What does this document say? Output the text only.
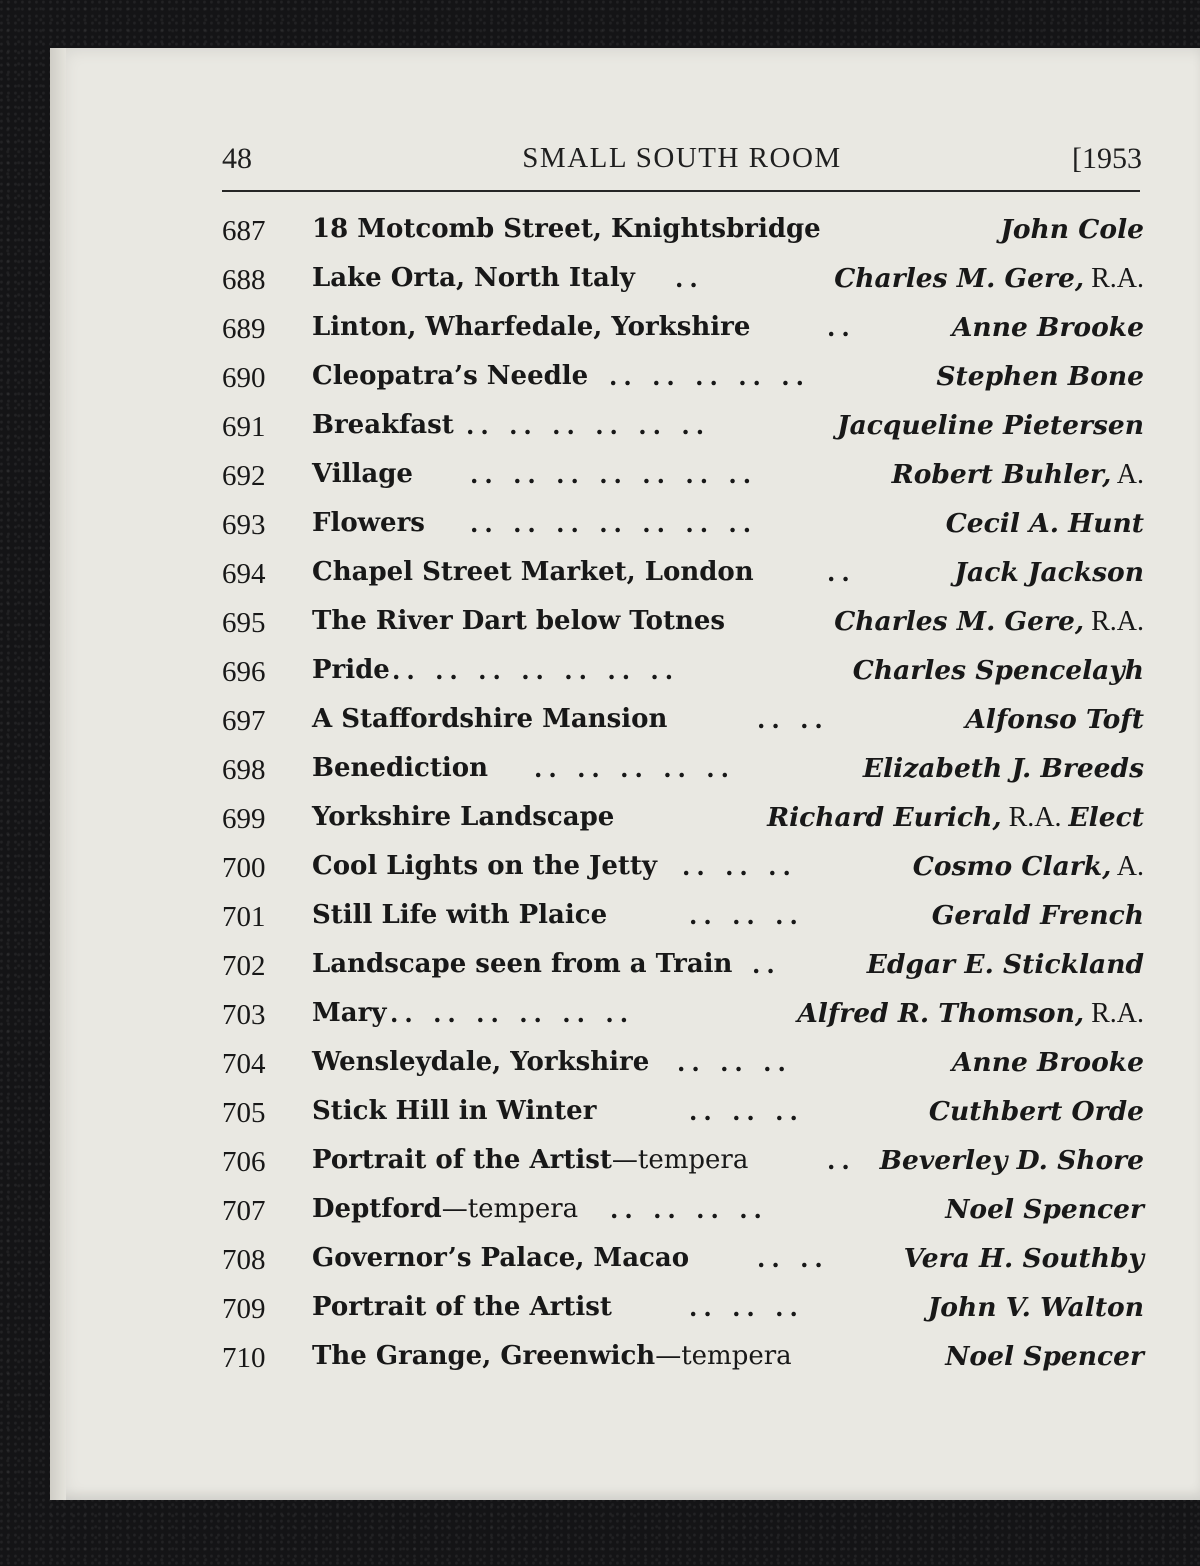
48	SMALL SOUTH ROOM	[1953
687 18 Motcomb Street, Knightsbridge	John Cole
688 Lake Orta, North Italy ..	Charles M. Gere, R.A.
689 Linton, Wharfedale, Yorkshire	..	Anne Brooke
690 Cleopatra’s Needle .. .. .. .. ..	Stephen Bone
691 Breakfast .. .. .. .. .. ..	Jacqueline Pietersen
692 Village .. .. .. .. .. .. ..	Robert Buhler, A.
693 Flowers .. .. .. .. .. .. ..	Cecil A. Hunt
694 Chapel Street Market, London	..	Jack Jackson
695 The River Dart below Totnes	Charles M. Gere, R.A.
696 Pride .. .. .. .. .. .. ..	Charles Spencelayh
697 A Staffordshire Mansion	.. ..	Alfonso Toft
698 Benediction .. .. .. .. ..	Elizabeth J. Breeds
699 Yorkshire Landscape	Richard Eurich, R.A. Elect
700 Cool Lights on the Jetty .. .. ..	Cosmo Clark, A.
701 Still Life with Plaice	.. .. ..	Gerald French
702 Landscape seen from a Train ..	Edgar E. Stickland
703 Mary .. .. .. .. .. ..	Alfred R. Thomson, R.A.
704 Wensleydale, Yorkshire .. .. ..	Anne Brooke
705 Stick Hill in Winter	.. .. ..	Cuthbert Orde
706 Portrait of the Artist—tempera	.. Beverley D. Shore
707 Deptford—tempera .. .. .. ..	Noel Spencer
708 Governor’s Palace, Macao	.. ..	Vera H. Southby
709 Portrait of the Artist	.. .. ..	John V. Walton
710 The Grange, Greenwich—tempera	Noel Spencer
